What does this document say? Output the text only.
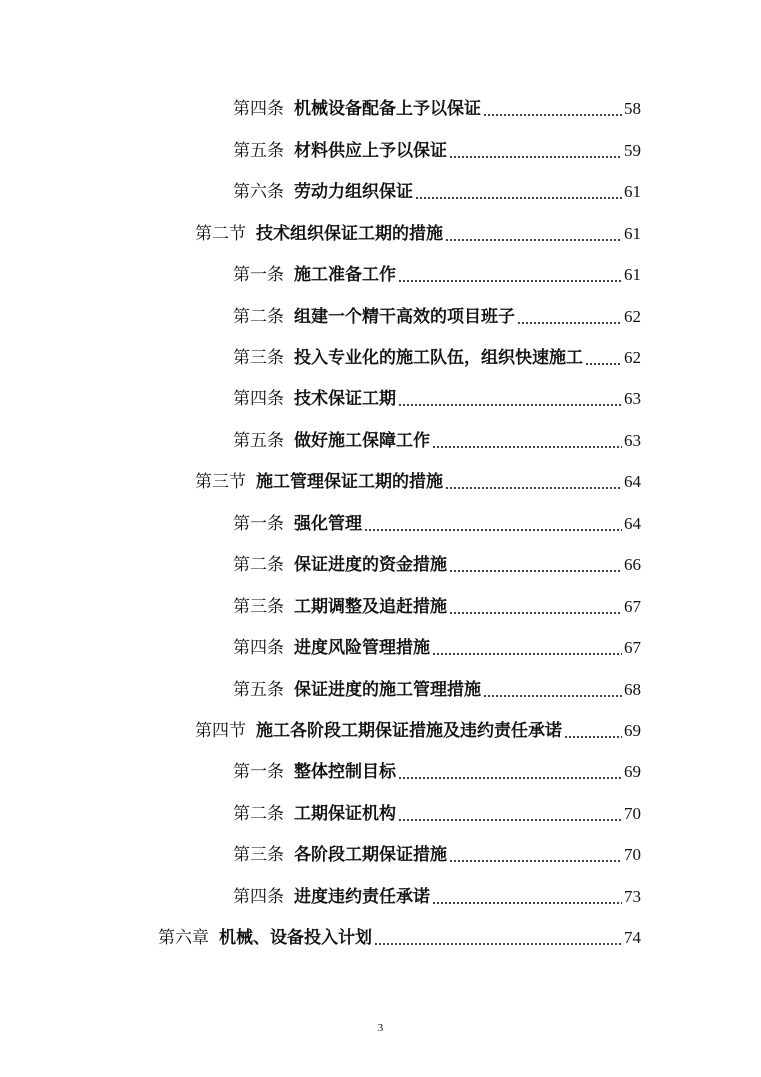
第四条 机械设备配备上予以保证	58
第五条 材料供应上予以保证	59
第六条 劳动力组织保证	61
第二节 技术组织保证工期的措施	61
第一条 施工准备工作	61
第二条 组建一个精干高效的项目班子	62
第三条 投入专业化的施工队伍，组织快速施工 62
第四条 技术保证工期	63
第五条 做好施工保障工作	63
第三节 施工管理保证工期的措施	64
第一条 强化管理	64
第二条 保证进度的资金措施	66
第三条 工期调整及追赶措施	67
第四条 进度风险管理措施	67
第五条 保证进度的施工管理措施	68
第四节 施工各阶段工期保证措施及违约责任承诺	69
第一条 整体控制目标	69
第二条 工期保证机构	70
第三条 各阶段工期保证措施	70
第四条 进度违约责任承诺	73
第六章 机械、设备投入计划	74
3
